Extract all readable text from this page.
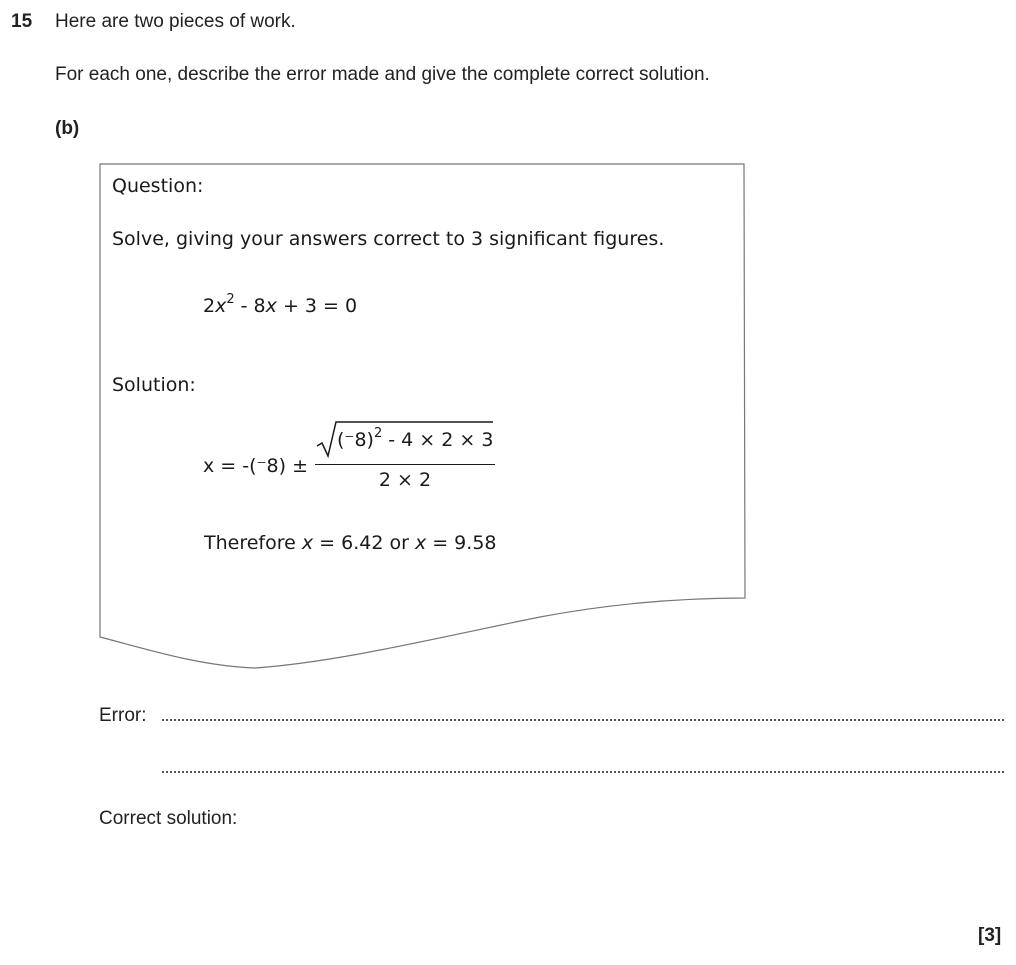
15 Here are two pieces of work.
For each one, describe the error made and give the complete correct solution.
(b)
Question:
Solve, giving your answers correct to 3 significant figures.
$2x^2 - 8x + 3 = 0$
Solution:
x = -(⁻8) ±
$(^-8)^2 - 4 \times 2 \times 3$
2 × 2
Therefore x = 6.42 or x = 9.58
Error:
Correct solution:
[3]
